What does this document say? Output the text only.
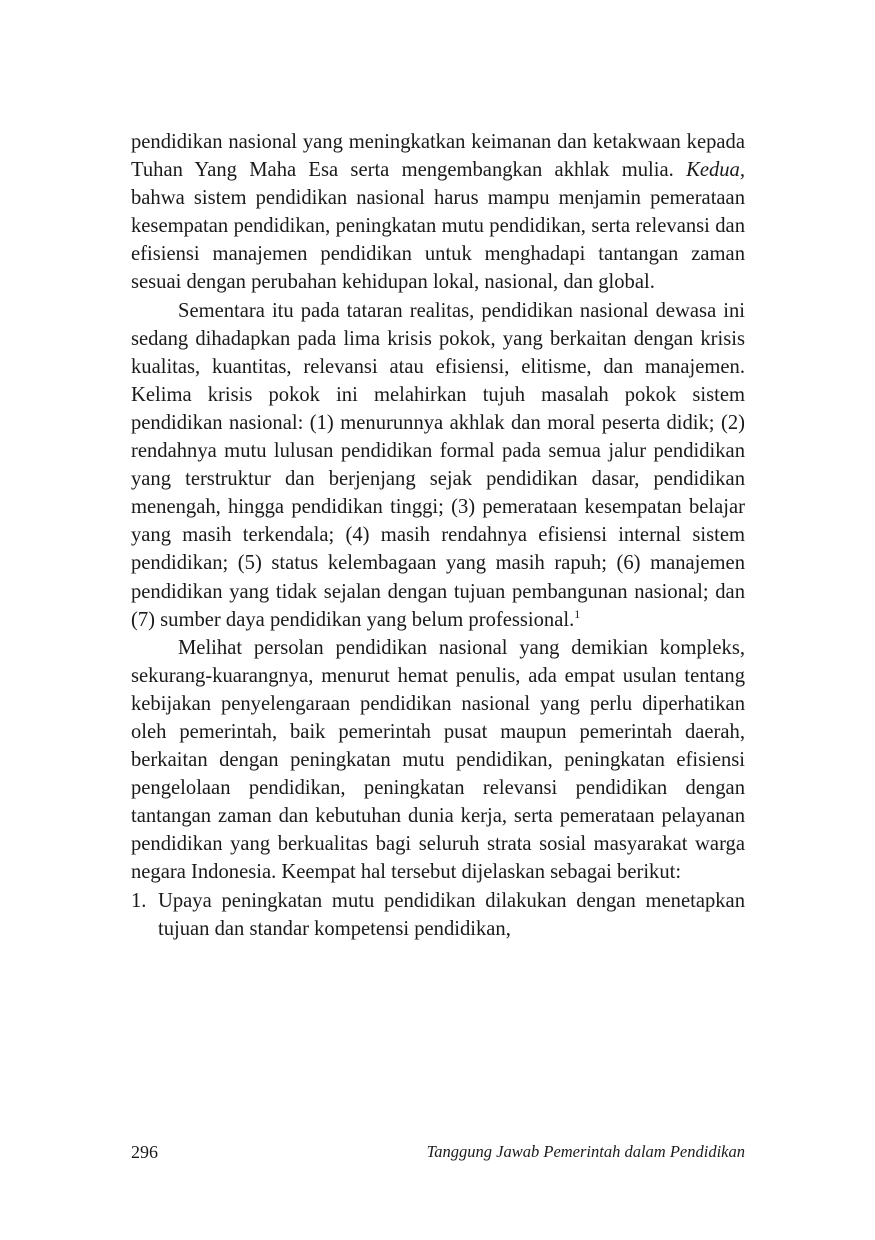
pendidikan nasional yang meningkatkan keimanan dan ketakwaan kepada Tuhan Yang Maha Esa serta mengembangkan akhlak mulia. Kedua, bahwa sistem pendidikan nasional harus mampu menjamin pemerataan kesempatan pendidikan, peningkatan mutu pendidikan, serta relevansi dan efisiensi manajemen pendidikan untuk menghadapi tantangan zaman sesuai dengan perubahan kehidupan lokal, nasional, dan global.

Sementara itu pada tataran realitas, pendidikan nasional dewasa ini sedang dihadapkan pada lima krisis pokok, yang berkaitan dengan krisis kualitas, kuantitas, relevansi atau efisiensi, elitisme, dan manajemen. Kelima krisis pokok ini melahirkan tujuh masalah pokok sistem pendidikan nasional: (1) menurunnya akhlak dan moral peserta didik; (2) rendahnya mutu lulusan pendidikan formal pada semua jalur pendidikan yang terstruktur dan berjenjang sejak pendidikan dasar, pendidikan menengah, hingga pendidikan tinggi; (3) pemerataan kesempatan belajar yang masih terkendala; (4) masih rendahnya efisiensi internal sistem pendidikan; (5) status kelembagaan yang masih rapuh; (6) manajemen pendidikan yang tidak sejalan dengan tujuan pembangunan nasional; dan (7) sumber daya pendidikan yang belum professional.$^1$

Melihat persolan pendidikan nasional yang demikian kompleks, sekurang-kuarangnya, menurut hemat penulis, ada empat usulan tentang kebijakan penyelengaraan pendidikan nasional yang perlu diperhatikan oleh pemerintah, baik pemerintah pusat maupun pemerintah daerah, berkaitan dengan peningkatan mutu pendidikan, peningkatan efisiensi pengelolaan pendidikan, peningkatan relevansi pendidikan dengan tantangan zaman dan kebutuhan dunia kerja, serta pemerataan pelayanan pendidikan yang berkualitas bagi seluruh strata sosial masyarakat warga negara Indonesia. Keempat hal tersebut dijelaskan sebagai berikut:

1. Upaya peningkatan mutu pendidikan dilakukan dengan menetapkan tujuan dan standar kompetensi pendidikan,
296	Tanggung Jawab Pemerintah dalam Pendidikan
